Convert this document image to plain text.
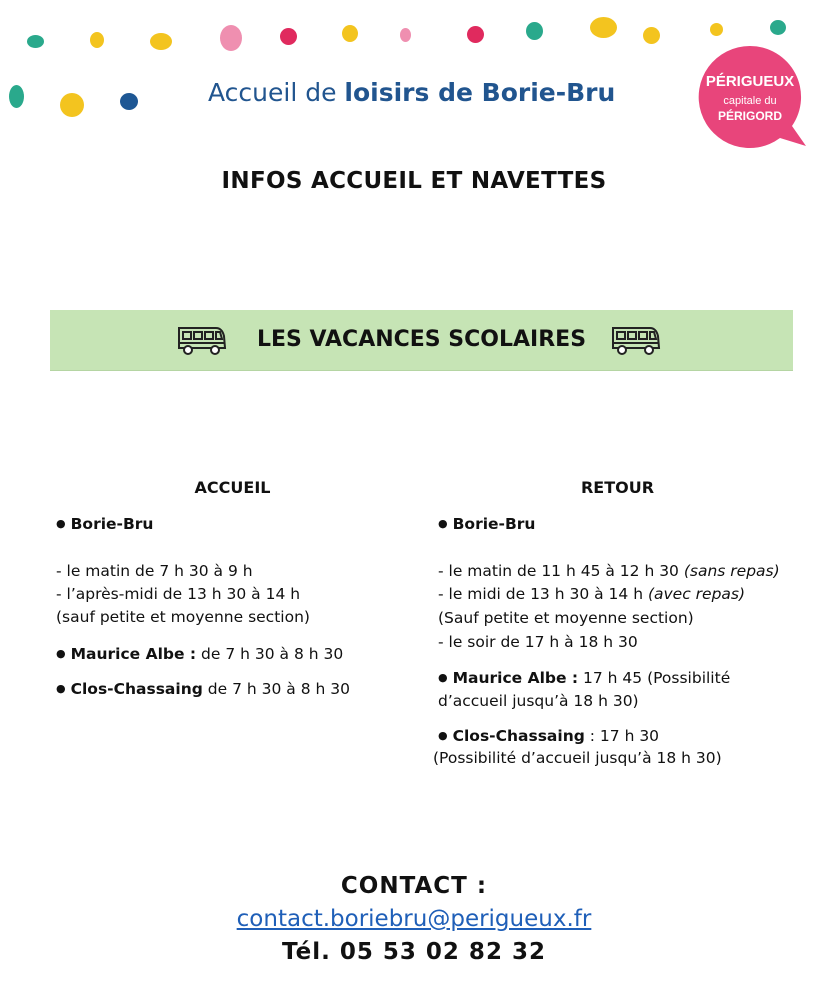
Accueil de loisirs de Borie-Bru	PÉRIGUEUX
capitale du
PÉRIGORD
INFOS ACCUEIL ET NAVETTES
LES VACANCES SCOLAIRES
ACCUEIL
● Borie-Bru
- le matin de 7 h 30 à 9 h
- l’après-midi de 13 h 30 à 14 h
(sauf petite et moyenne section)
● Maurice Albe : de 7 h 30 à 8 h 30
● Clos-Chassaing de 7 h 30 à 8 h 30
RETOUR
● Borie-Bru
- le matin de 11 h 45 à 12 h 30 (sans repas)
- le midi de 13 h 30 à 14 h (avec repas)
(Sauf petite et moyenne section)
- le soir de 17 h à 18 h 30
● Maurice Albe : 17 h 45 (Possibilité
d’accueil jusqu’à 18 h 30)
● Clos-Chassaing : 17 h 30
(Possibilité d’accueil jusqu’à 18 h 30)
CONTACT :
contact.boriebru@perigueux.fr
Tél. 05 53 02 82 32
